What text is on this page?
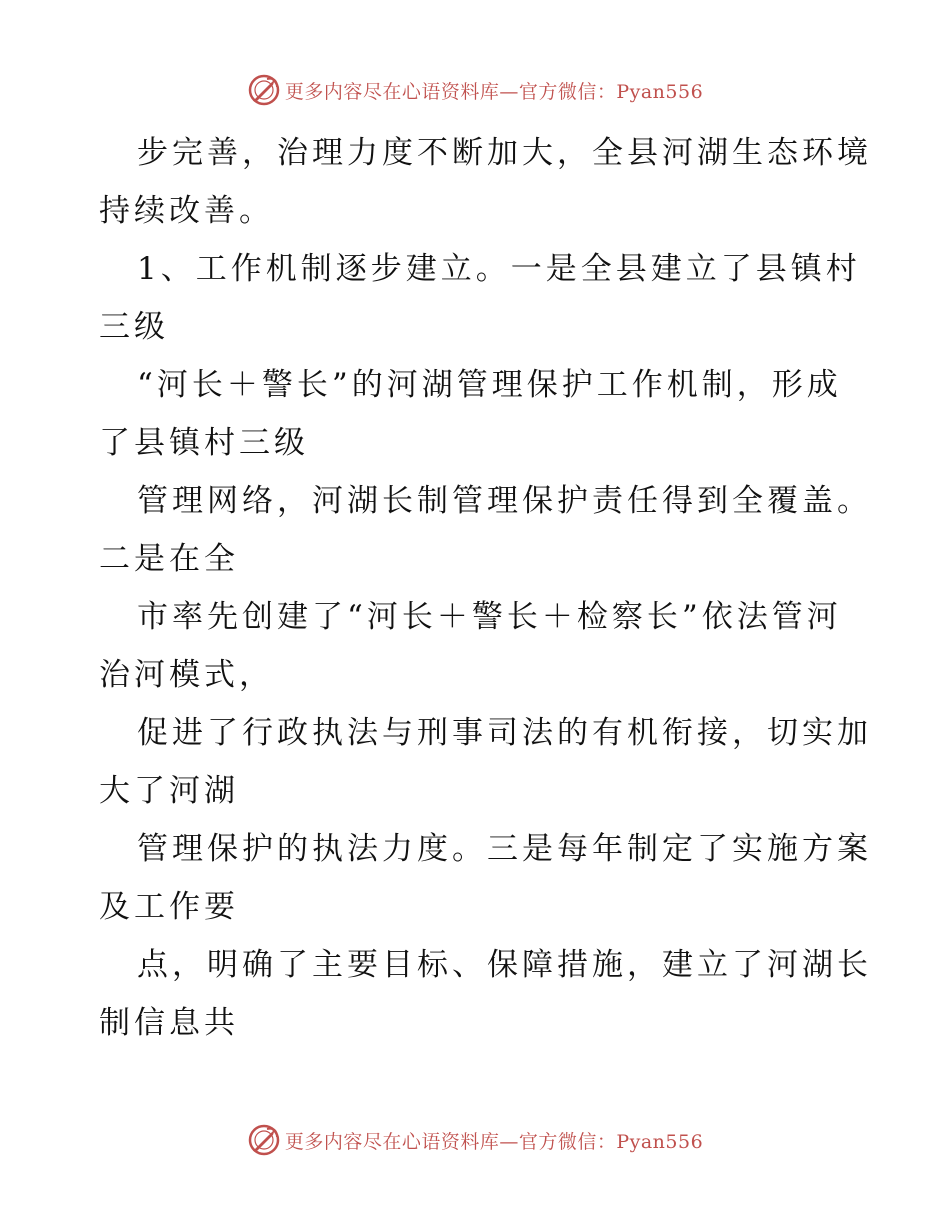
更多内容尽在心语资料库—官方微信：Pyan556

步完善，治理力度不断加大，全县河湖生态环境
持续改善。

1、工作机制逐步建立。一是全县建立了县镇村
三级

“河长＋警长”的河湖管理保护工作机制，形成
了县镇村三级

管理网络，河湖长制管理保护责任得到全覆盖。
二是在全

市率先创建了“河长＋警长＋检察长”依法管河
治河模式，

促进了行政执法与刑事司法的有机衔接，切实加
大了河湖

管理保护的执法力度。三是每年制定了实施方案
及工作要

点，明确了主要目标、保障措施，建立了河湖长
制信息共

更多内容尽在心语资料库—官方微信：Pyan556
